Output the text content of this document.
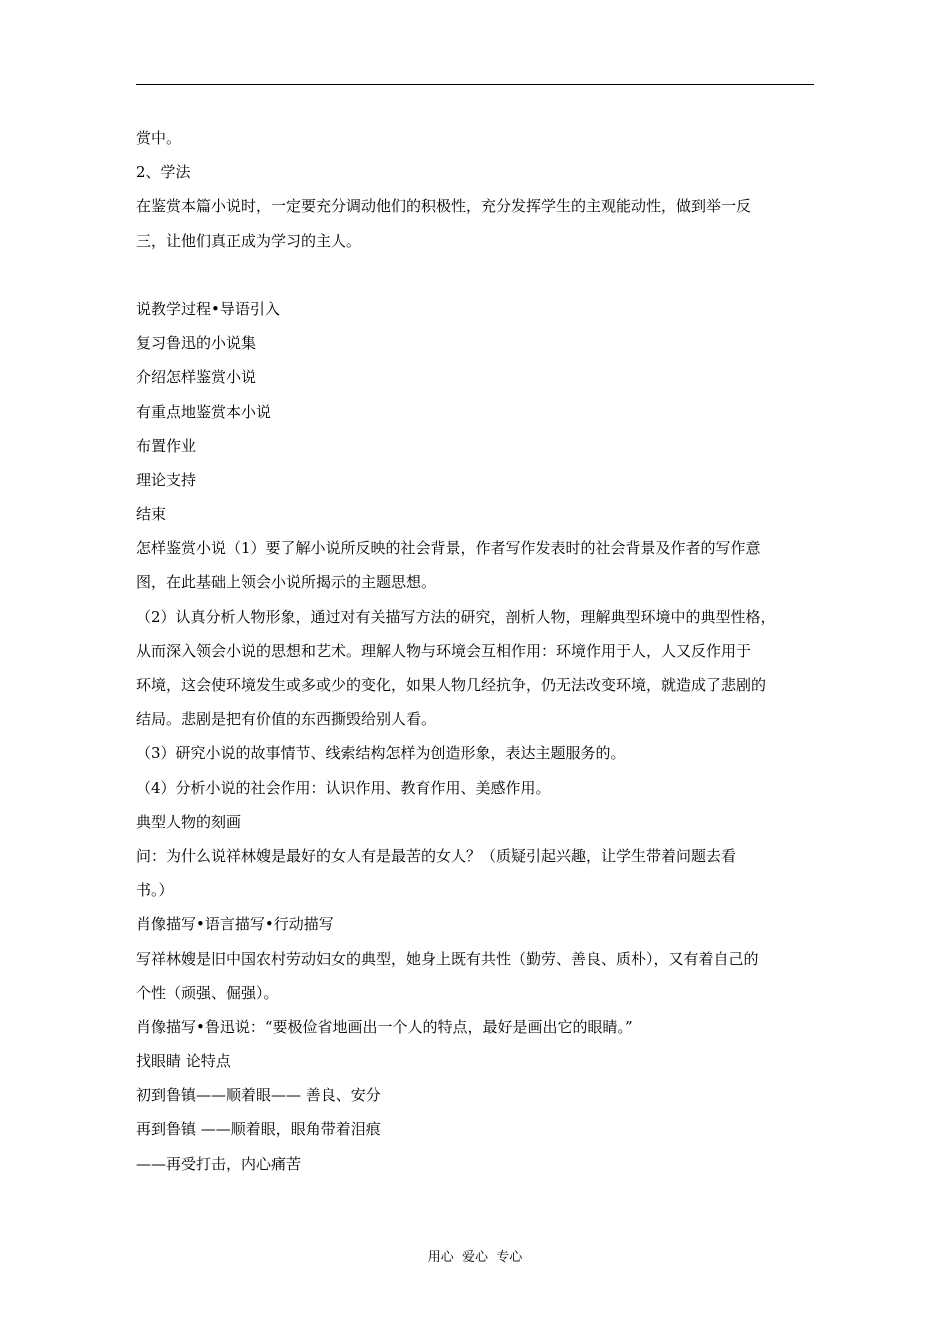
赏中。
2、学法
在鉴赏本篇小说时，一定要充分调动他们的积极性，充分发挥学生的主观能动性，做到举一反
三，让他们真正成为学习的主人。
说教学过程•导语引入
复习鲁迅的小说集
介绍怎样鉴赏小说
有重点地鉴赏本小说
布置作业
理论支持
结束
怎样鉴赏小说（1）要了解小说所反映的社会背景，作者写作发表时的社会背景及作者的写作意
图，在此基础上领会小说所揭示的主题思想。
（2）认真分析人物形象，通过对有关描写方法的研究，剖析人物，理解典型环境中的典型性格，
从而深入领会小说的思想和艺术。理解人物与环境会互相作用：环境作用于人，人又反作用于
环境，这会使环境发生或多或少的变化，如果人物几经抗争，仍无法改变环境，就造成了悲剧的
结局。悲剧是把有价值的东西撕毁给别人看。
（3）研究小说的故事情节、线索结构怎样为创造形象，表达主题服务的。
（4）分析小说的社会作用：认识作用、教育作用、美感作用。
典型人物的刻画
问：为什么说祥林嫂是最好的女人有是最苦的女人？（质疑引起兴趣，让学生带着问题去看
书。）
肖像描写•语言描写•行动描写
写祥林嫂是旧中国农村劳动妇女的典型，她身上既有共性（勤劳、善良、质朴），又有着自己的
个性（顽强、倔强）。
肖像描写•鲁迅说：“要极俭省地画出一个人的特点，最好是画出它的眼睛。”
找眼睛 论特点
初到鲁镇——顺着眼—— 善良、安分
再到鲁镇 ——顺着眼，眼角带着泪痕
——再受打击，内心痛苦
用心  爱心  专心
